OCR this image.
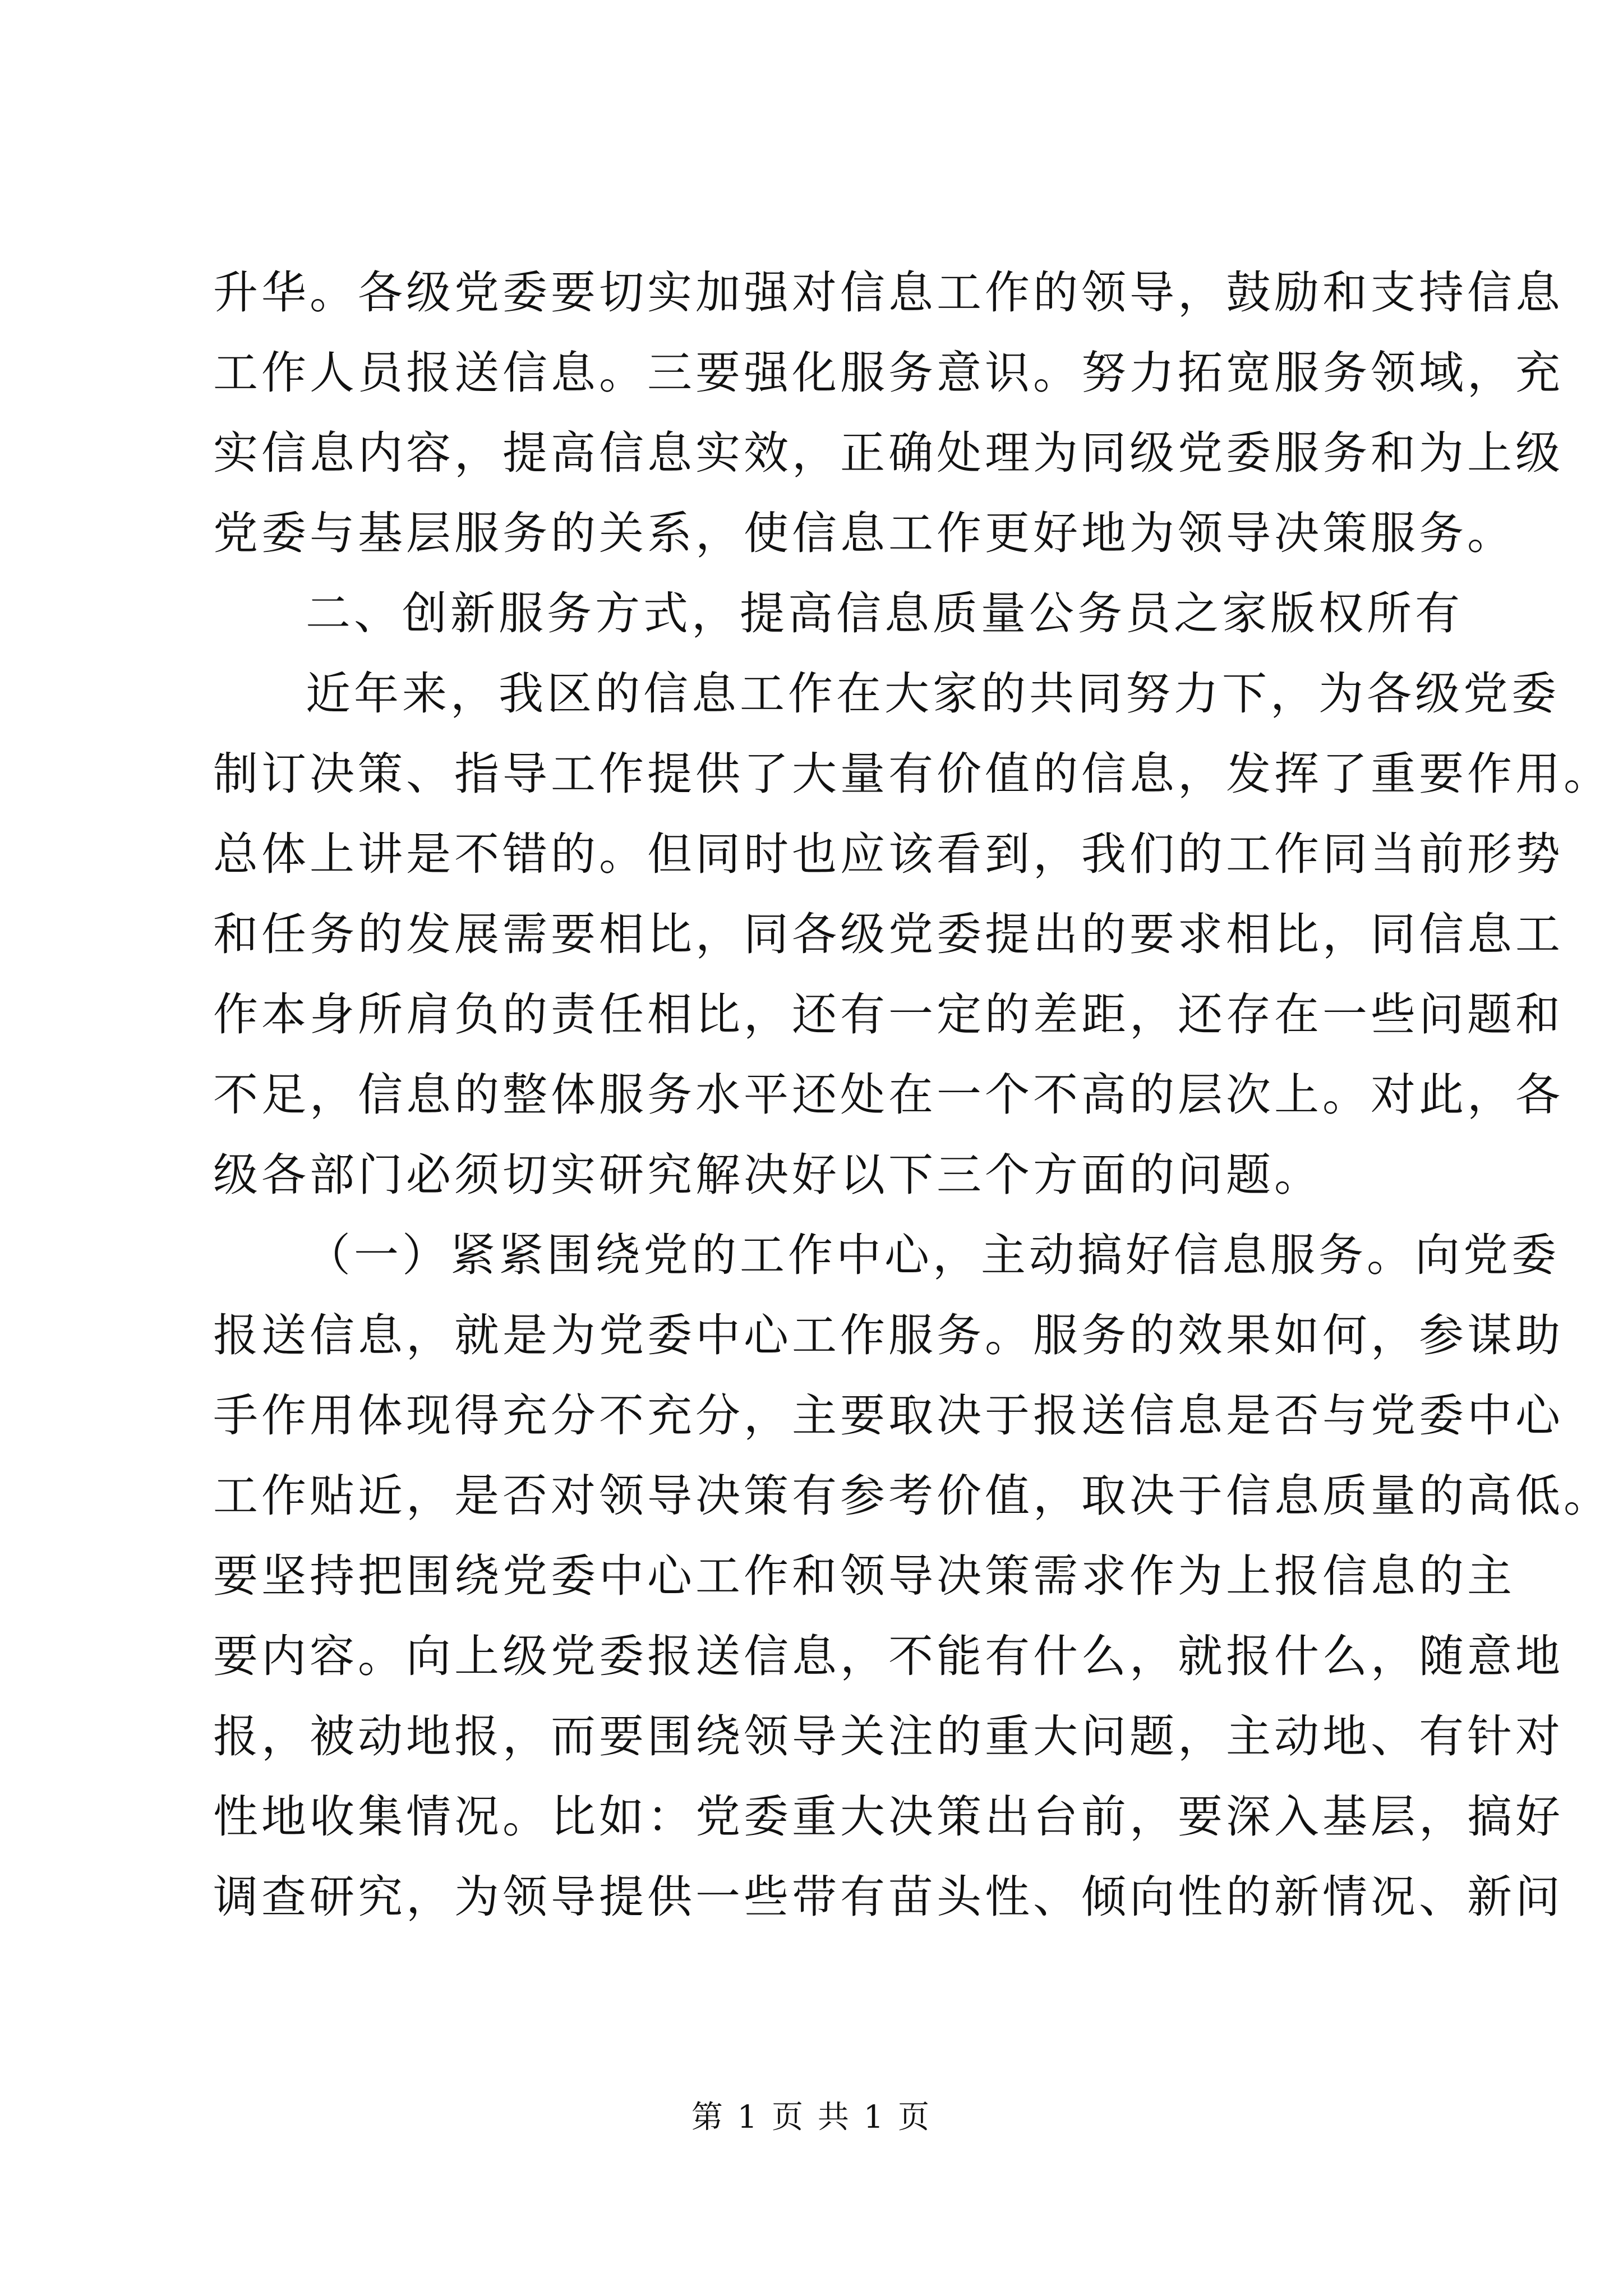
升华。各级党委要切实加强对信息工作的领导，鼓励和支持信息
工作人员报送信息。三要强化服务意识。努力拓宽服务领域，充
实信息内容，提高信息实效，正确处理为同级党委服务和为上级
党委与基层服务的关系，使信息工作更好地为领导决策服务。
二、创新服务方式，提高信息质量公务员之家版权所有
近年来，我区的信息工作在大家的共同努力下，为各级党委
制订决策、指导工作提供了大量有价值的信息，发挥了重要作用。
总体上讲是不错的。但同时也应该看到，我们的工作同当前形势
和任务的发展需要相比，同各级党委提出的要求相比，同信息工
作本身所肩负的责任相比，还有一定的差距，还存在一些问题和
不足，信息的整体服务水平还处在一个不高的层次上。对此，各
级各部门必须切实研究解决好以下三个方面的问题。
（一）紧紧围绕党的工作中心，主动搞好信息服务。向党委
报送信息，就是为党委中心工作服务。服务的效果如何，参谋助
手作用体现得充分不充分，主要取决于报送信息是否与党委中心
工作贴近，是否对领导决策有参考价值，取决于信息质量的高低。
要坚持把围绕党委中心工作和领导决策需求作为上报信息的主
要内容。向上级党委报送信息，不能有什么，就报什么，随意地
报，被动地报，而要围绕领导关注的重大问题，主动地、有针对
性地收集情况。比如：党委重大决策出台前，要深入基层，搞好
调查研究，为领导提供一些带有苗头性、倾向性的新情况、新问
第 1 页 共 1 页
